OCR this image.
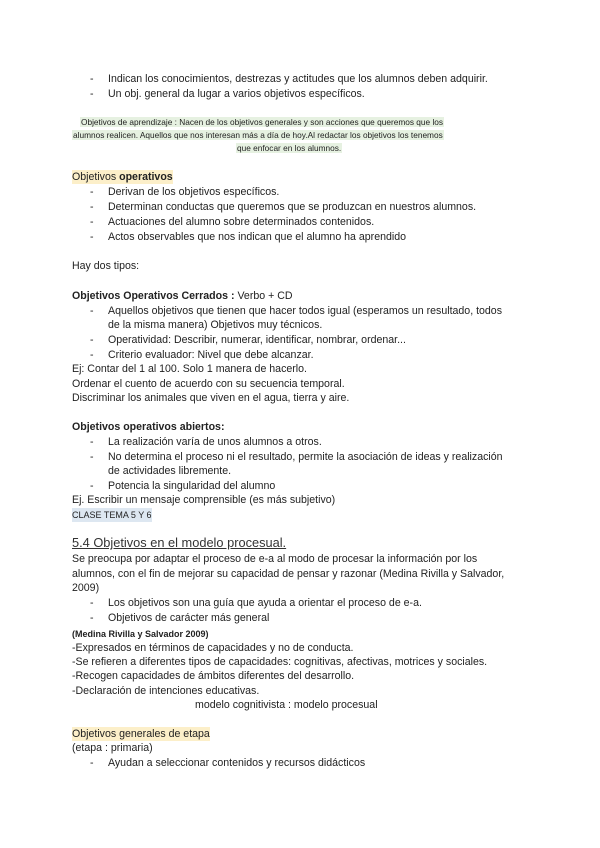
- Indican los conocimientos, destrezas y actitudes que los alumnos deben adquirir.
- Un obj. general da lugar a varios objetivos específicos.
Objetivos de aprendizaje : Nacen de los objetivos generales y son acciones que queremos que los
alumnos realicen. Aquellos que nos interesan más a día de hoy.Al redactar los objetivos los tenemos
que enfocar en los alumnos.
Objetivos operativos
- Derivan de los objetivos específicos.
- Determinan conductas que queremos que se produzcan en nuestros alumnos.
- Actuaciones del alumno sobre determinados contenidos.
- Actos observables que nos indican que el alumno ha aprendido
Hay dos tipos:
Objetivos Operativos Cerrados : Verbo + CD
- Aquellos objetivos que tienen que hacer todos igual (esperamos un resultado, todos
de la misma manera) Objetivos muy técnicos.
- Operatividad: Describir, numerar, identificar, nombrar, ordenar...
- Criterio evaluador: Nivel que debe alcanzar.
Ej: Contar del 1 al 100. Solo 1 manera de hacerlo.
Ordenar el cuento de acuerdo con su secuencia temporal.
Discriminar los animales que viven en el agua, tierra y aire.
Objetivos operativos abiertos:
- La realización varía de unos alumnos a otros.
- No determina el proceso ni el resultado, permite la asociación de ideas y realización
de actividades libremente.
- Potencia la singularidad del alumno
Ej. Escribir un mensaje comprensible (es más subjetivo)
CLASE TEMA 5 Y 6
5.4 Objetivos en el modelo procesual.
Se preocupa por adaptar el proceso de e-a al modo de procesar la información por los
alumnos, con el fin de mejorar su capacidad de pensar y razonar (Medina Rivilla y Salvador,
2009)
- Los objetivos son una guía que ayuda a orientar el proceso de e-a.
- Objetivos de carácter más general
(Medina Rivilla y Salvador 2009)
-Expresados en términos de capacidades y no de conducta.
-Se refieren a diferentes tipos de capacidades: cognitivas, afectivas, motrices y sociales.
-Recogen capacidades de ámbitos diferentes del desarrollo.
-Declaración de intenciones educativas.
modelo cognitivista : modelo procesual
Objetivos generales de etapa
(etapa : primaria)
- Ayudan a seleccionar contenidos y recursos didácticos
